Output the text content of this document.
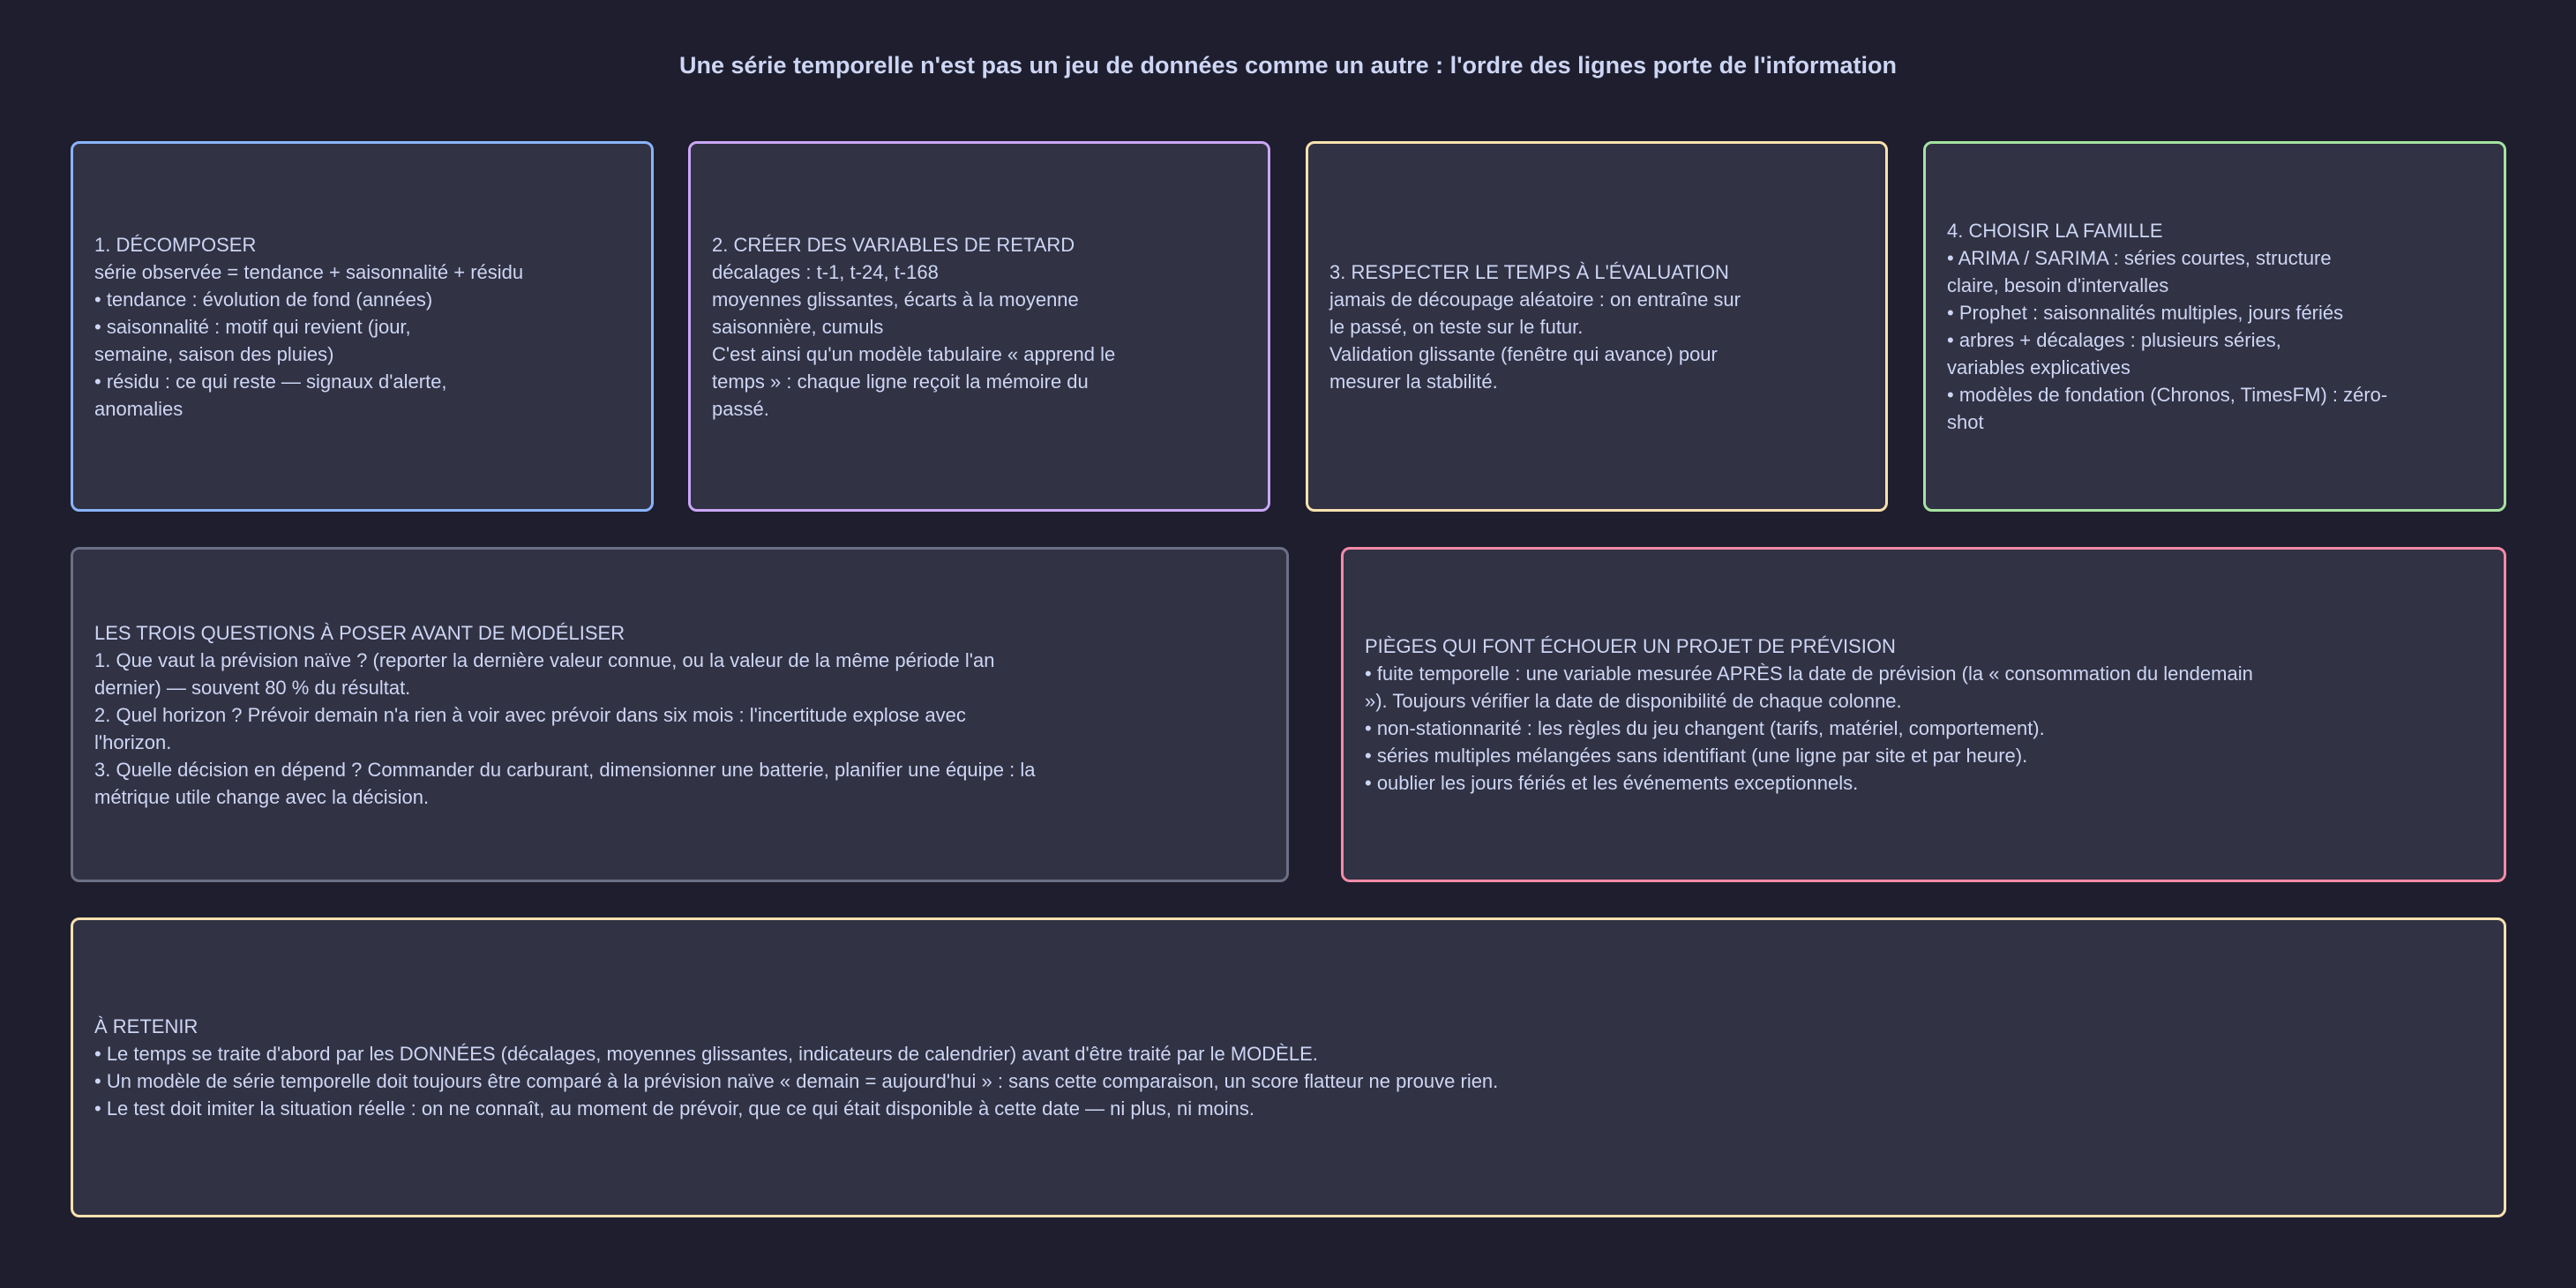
Une série temporelle n'est pas un jeu de données comme un autre : l'ordre des lignes porte de l'information
1. DÉCOMPOSER
série observée = tendance + saisonnalité + résidu
• tendance : évolution de fond (années)
• saisonnalité : motif qui revient (jour,
semaine, saison des pluies)
• résidu : ce qui reste — signaux d'alerte,
anomalies
2. CRÉER DES VARIABLES DE RETARD
décalages : t-1, t-24, t-168
moyennes glissantes, écarts à la moyenne
saisonnière, cumuls
C'est ainsi qu'un modèle tabulaire « apprend le
temps » : chaque ligne reçoit la mémoire du
passé.
3. RESPECTER LE TEMPS À L'ÉVALUATION
jamais de découpage aléatoire : on entraîne sur
le passé, on teste sur le futur.
Validation glissante (fenêtre qui avance) pour
mesurer la stabilité.
4. CHOISIR LA FAMILLE
• ARIMA / SARIMA : séries courtes, structure
claire, besoin d'intervalles
• Prophet : saisonnalités multiples, jours fériés
• arbres + décalages : plusieurs séries,
variables explicatives
• modèles de fondation (Chronos, TimesFM) : zéro-
shot
LES TROIS QUESTIONS À POSER AVANT DE MODÉLISER
1. Que vaut la prévision naïve ? (reporter la dernière valeur connue, ou la valeur de la même période l'an
dernier) — souvent 80 % du résultat.
2. Quel horizon ? Prévoir demain n'a rien à voir avec prévoir dans six mois : l'incertitude explose avec
l'horizon.
3. Quelle décision en dépend ? Commander du carburant, dimensionner une batterie, planifier une équipe : la
métrique utile change avec la décision.
PIÈGES QUI FONT ÉCHOUER UN PROJET DE PRÉVISION
• fuite temporelle : une variable mesurée APRÈS la date de prévision (la « consommation du lendemain
»). Toujours vérifier la date de disponibilité de chaque colonne.
• non-stationnarité : les règles du jeu changent (tarifs, matériel, comportement).
• séries multiples mélangées sans identifiant (une ligne par site et par heure).
• oublier les jours fériés et les événements exceptionnels.
À RETENIR
• Le temps se traite d'abord par les DONNÉES (décalages, moyennes glissantes, indicateurs de calendrier) avant d'être traité par le MODÈLE.
• Un modèle de série temporelle doit toujours être comparé à la prévision naïve « demain = aujourd'hui » : sans cette comparaison, un score flatteur ne prouve rien.
• Le test doit imiter la situation réelle : on ne connaît, au moment de prévoir, que ce qui était disponible à cette date — ni plus, ni moins.
